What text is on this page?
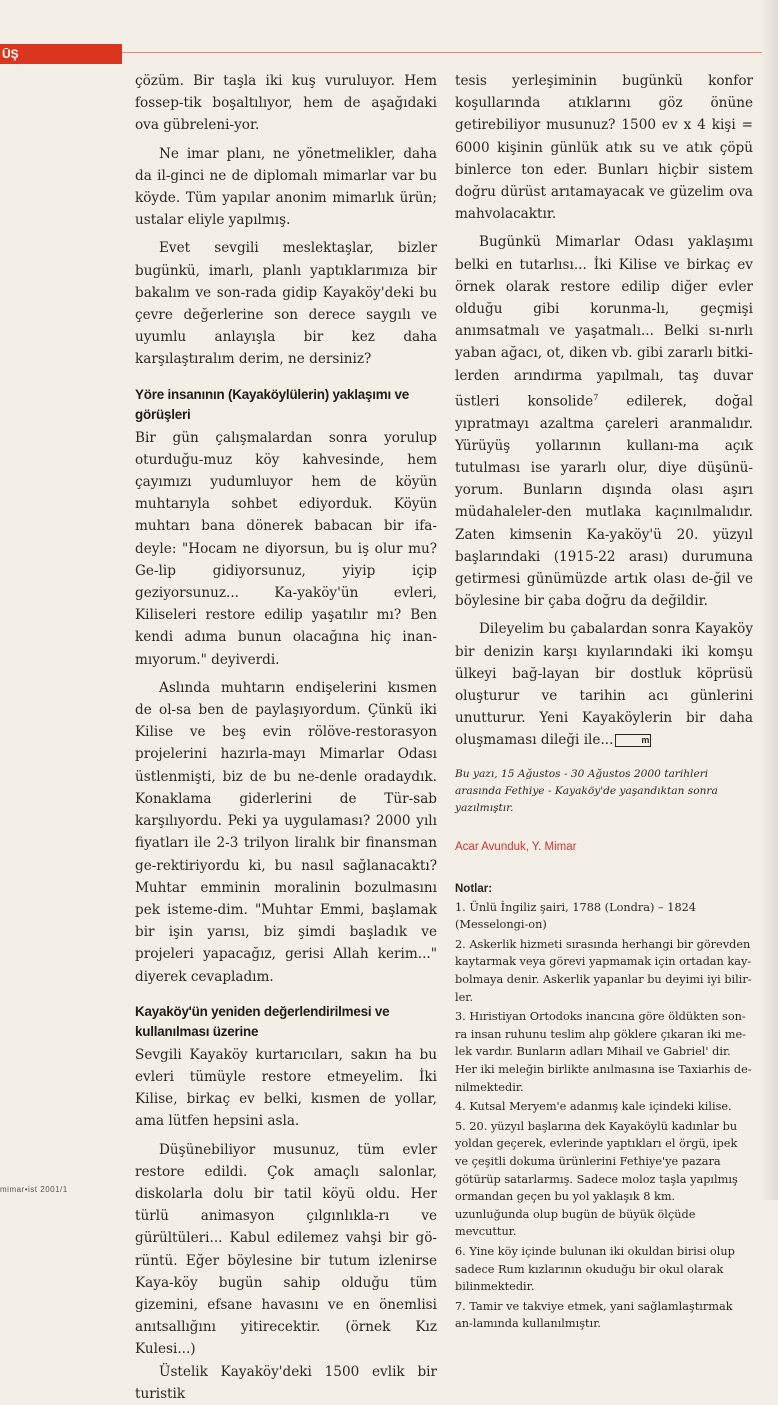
ŪŞ

çözüm. Bir taşla iki kuş vuruluyor. Hem fossep-tik boşaltılıyor, hem de aşağıdaki ova gübreleni-yor.

Ne imar planı, ne yönetmelikler, daha da il-ginci ne de diplomalı mimarlar var bu köyde. Tüm yapılar anonim mimarlık ürün; ustalar eliyle yapılmış.

Evet sevgili meslektaşlar, bizler bugünkü, imarlı, planlı yaptıklarımıza bir bakalım ve son-rada gidip Kayaköy'deki bu çevre değerlerine son derece saygılı ve uyumlu anlayışla bir kez daha karşılaştıralım derim, ne dersiniz?

Yöre insanının (Kayaköylülerin) yaklaşımı ve görüşleri

Bir gün çalışmalardan sonra yorulup oturduğu-muz köy kahvesinde, hem çayımızı yudumluyor hem de köyün muhtarıyla sohbet ediyorduk. Köyün muhtarı bana dönerek babacan bir ifa-deyle: "Hocam ne diyorsun, bu iş olur mu? Ge-lip gidiyorsunuz, yiyip içip geziyorsunuz... Ka-yaköy'ün evleri, Kiliseleri restore edilip yaşatılır mı? Ben kendi adıma bunun olacağına hiç inan-mıyorum." deyiverdi.

Aslında muhtarın endişelerini kısmen de ol-sa ben de paylaşıyordum. Çünkü iki Kilise ve beş evin rölöve-restorasyon projelerini hazırla-mayı Mimarlar Odası üstlenmişti, biz de bu ne-denle oradaydık. Konaklama giderlerini de Tür-sab karşılıyordu. Peki ya uygulaması? 2000 yılı fiyatları ile 2-3 trilyon liralık bir finansman ge-rektiriyordu ki, bu nasıl sağlanacaktı? Muhtar emminin moralinin bozulmasını pek isteme-dim. "Muhtar Emmi, başlamak bir işin yarısı, biz şimdi başladık ve projeleri yapacağız, gerisi Allah kerim..." diyerek cevapladım.

Kayaköy'ün yeniden değerlendirilmesi ve kullanılması üzerine

Sevgili Kayaköy kurtarıcıları, sakın ha bu evleri tümüyle restore etmeyelim. İki Kilise, birkaç ev belki, kısmen de yollar, ama lütfen hepsini asla.

Düşünebiliyor musunuz, tüm evler restore edildi. Çok amaçlı salonlar, diskolarla dolu bir tatil köyü oldu. Her türlü animasyon çılgınlıkla-rı ve gürültüleri... Kabul edilemez vahşi bir gö-rüntü. Eğer böylesine bir tutum izlenirse Kaya-köy bugün sahip olduğu tüm gizemini, efsane havasını ve en önemlisi anıtsallığını yitirecektir. (örnek Kız Kulesi...)

Üstelik Kayaköy'deki 1500 evlik bir turistik

tesis yerleşiminin bugünkü konfor koşullarında atıklarını göz önüne getirebiliyor musunuz? 1500 ev x 4 kişi = 6000 kişinin günlük atık su ve atık çöpü binlerce ton eder. Bunları hiçbir sistem doğru dürüst arıtamayacak ve güzelim ova mahvolacaktır.

Bugünkü Mimarlar Odası yaklaşımı belki en tutarlısı... İki Kilise ve birkaç ev örnek olarak restore edilip diğer evler olduğu gibi korunma-lı, geçmişi anımsatmalı ve yaşatmalı... Belki sı-nırlı yaban ağacı, ot, diken vb. gibi zararlı bitki-lerden arındırma yapılmalı, taş duvar üstleri konsolide$^7$ edilerek, doğal yıpratmayı azaltma çareleri aranmalıdır. Yürüyüş yollarının kullanı-ma açık tutulması ise yararlı olur, diye düşünü-yorum. Bunların dışında olası aşırı müdahaleler-den mutlaka kaçınılmalıdır. Zaten kimsenin Ka-yaköy'ü 20. yüzyıl başlarındaki (1915-22 arası) durumuna getirmesi günümüzde artık olası de-ğil ve böylesine bir çaba doğru da değildir.

Dileyelim bu çabalardan sonra Kayaköy bir denizin karşı kıyılarındaki iki komşu ülkeyi bağ-layan bir dostluk köprüsü oluşturur ve tarihin acı günlerini unutturur. Yeni Kayaköylerin bir daha oluşmaması dileği ile...	m

Bu yazı, 15 Ağustos - 30 Ağustos 2000 tarihleri arasında Fethiye - Kayaköy'de yaşandıktan sonra yazılmıştır.

Acar Avunduk, Y. Mimar

Notlar:

1. Ünlü İngiliz şairi, 1788 (Londra) – 1824 (Messelongi-on)

2. Askerlik hizmeti sırasında herhangi bir görevden kaytarmak veya görevi yapmamak için ortadan kay-bolmaya denir. Askerlik yapanlar bu deyimi iyi bilir-ler.

3. Hıristiyan Ortodoks inancına göre öldükten son-ra insan ruhunu teslim alıp göklere çıkaran iki me-lek vardır. Bunların adları Mihail ve Gabriel' dir. Her iki meleğin birlikte anılmasına ise Taxiarhis de-nilmektedir.

4. Kutsal Meryem'e adanmış kale içindeki kilise.

5. 20. yüzyıl başlarına dek Kayaköylü kadınlar bu yoldan geçerek, evlerinde yaptıkları el örgü, ipek ve çeşitli dokuma ürünlerini Fethiye'ye pazara götürüp satarlarmış. Sadece moloz taşla yapılmış ormandan geçen bu yol yaklaşık 8 km. uzunluğunda olup bugün de büyük ölçüde mevcuttur.

6. Yine köy içinde bulunan iki okuldan birisi olup sadece Rum kızlarının okuduğu bir okul olarak bilinmektedir.

7. Tamir ve takviye etmek, yani sağlamlaştırmak an-lamında kullanılmıştır.

mimar•ist 2001/1
